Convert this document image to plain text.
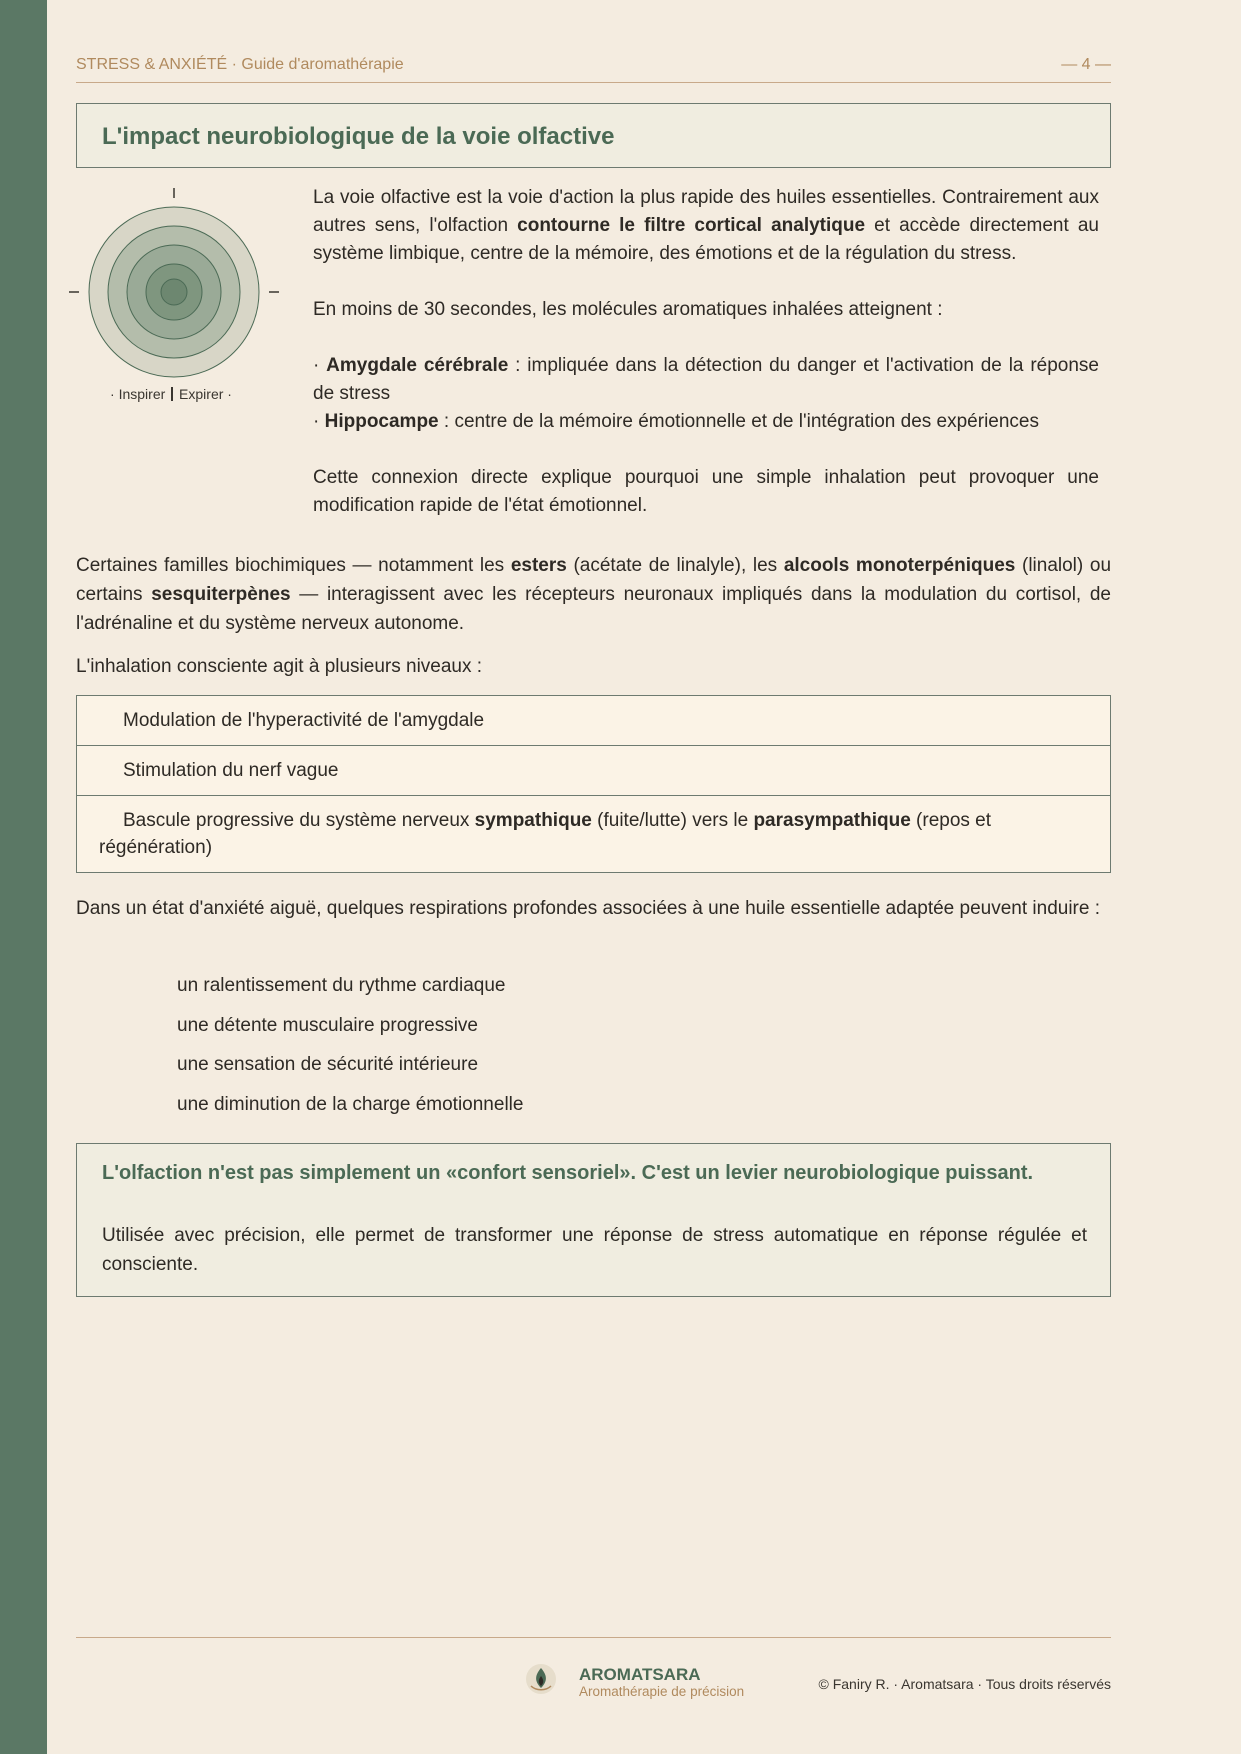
STRESS & ANXIÉTÉ · Guide d'aromathérapie	— 4 —
L'impact neurobiologique de la voie olfactive
· Inspirer Expirer ·

La voie olfactive est la voie d'action la plus rapide des huiles essentielles. Contrairement aux autres sens, l'olfaction contourne le filtre cortical analytique et accède directement au système limbique, centre de la mémoire, des émotions et de la régulation du stress.

En moins de 30 secondes, les molécules aromatiques inhalées atteignent :

· Amygdale cérébrale : impliquée dans la détection du danger et l'activation de la réponse de stress

· Hippocampe : centre de la mémoire émotionnelle et de l'intégration des expériences

Cette connexion directe explique pourquoi une simple inhalation peut provoquer une modification rapide de l'état émotionnel.

Certaines familles biochimiques — notamment les esters (acétate de linalyle), les alcools monoterpéniques (linalol) ou certains sesquiterpènes — interagissent avec les récepteurs neuronaux impliqués dans la modulation du cortisol, de l'adrénaline et du système nerveux autonome.

L'inhalation consciente agit à plusieurs niveaux :

Modulation de l'hyperactivité de l'amygdale
Stimulation du nerf vague
Bascule progressive du système nerveux sympathique (fuite/lutte) vers le parasympathique (repos et régénération)

Dans un état d'anxiété aiguë, quelques respirations profondes associées à une huile essentielle adaptée peuvent induire :

un ralentissement du rythme cardiaque
une détente musculaire progressive
une sensation de sécurité intérieure
une diminution de la charge émotionnelle
L'olfaction n'est pas simplement un «confort sensoriel». C'est un levier neurobiologique puissant.
Utilisée avec précision, elle permet de transformer une réponse de stress automatique en réponse régulée et consciente.
AROMATSARA
Aromathérapie de précision	© Faniry R. · Aromatsara · Tous droits réservés
